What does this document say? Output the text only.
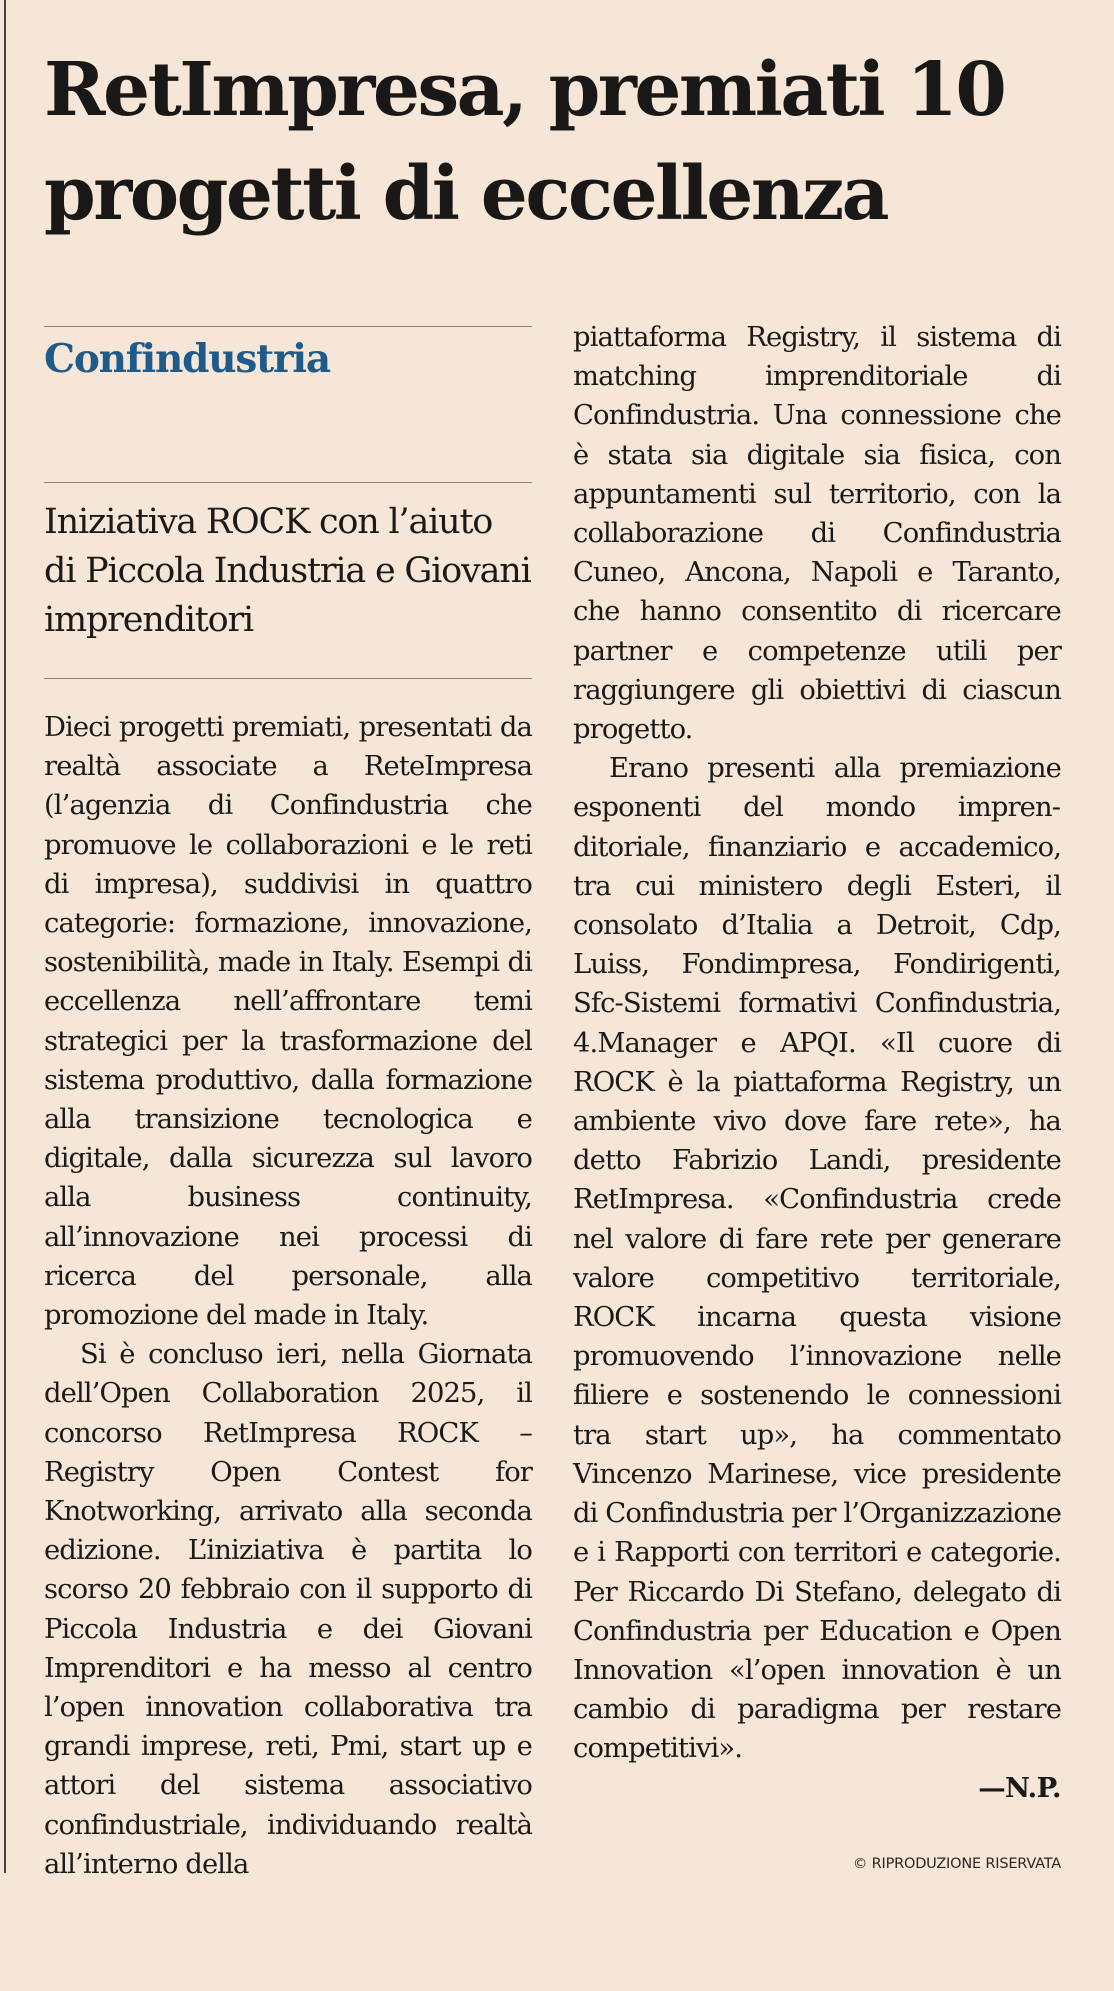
RetImpresa, premiati 10 progetti di eccellenza
Confindustria
Iniziativa ROCK con l’aiuto di Piccola Industria e Giovani imprenditori

Dieci progetti premiati, presentati da realtà associate a ReteImpresa (l’agenzia di Confindustria che promuove le collaborazioni e le reti di impresa), suddivisi in quattro categorie: formazione, innovazione, sostenibilità, made in Italy. Esempi di eccellenza nell’affrontare temi strategici per la trasformazione del sistema produttivo, dalla formazione alla transizione tecnologica e digitale, dalla sicurezza sul lavoro alla business continuity, all’innovazione nei processi di ricerca del personale, alla promozione del made in Italy.

Si è concluso ieri, nella Giornata dell’Open Collaboration 2025, il concorso RetImpresa ROCK – Registry Open Contest for Knotworking, arrivato alla seconda edizione. L’iniziativa è partita lo scorso 20 febbraio con il supporto di Piccola Industria e dei Giovani Imprenditori e ha messo al centro l’open innovation collaborativa tra grandi imprese, reti, Pmi, start up e attori del sistema associativo confindustriale, individuando realtà all’interno della

piattaforma Registry, il sistema di matching imprenditoriale di Confindustria. Una connessione che è stata sia digitale sia fisica, con appuntamenti sul territorio, con la collaborazione di Confindustria Cuneo, Ancona, Napoli e Taranto, che hanno consentito di ricercare partner e competenze utili per raggiungere gli obiettivi di ciascun progetto.

Erano presenti alla premiazione esponenti del mondo imprenditoriale, finanziario e accademico, tra cui ministero degli Esteri, il consolato d’Italia a Detroit, Cdp, Luiss, Fondimpresa, Fondirigenti, Sfc-Sistemi formativi Confindustria, 4.Manager e APQI. «Il cuore di ROCK è la piattaforma Registry, un ambiente vivo dove fare rete», ha detto Fabrizio Landi, presidente RetImpresa. «Confindustria crede nel valore di fare rete per generare valore competitivo territoriale, ROCK incarna questa visione promuovendo l’innovazione nelle filiere e sostenendo le connessioni tra start up», ha commentato Vincenzo Marinese, vice presidente di Confindustria per l’Organizzazione e i Rapporti con territori e categorie. Per Riccardo Di Stefano, delegato di Confindustria per Education e Open Innovation «l’open innovation è un cambio di paradigma per restare competitivi».

—N.P.

© RIPRODUZIONE RISERVATA
